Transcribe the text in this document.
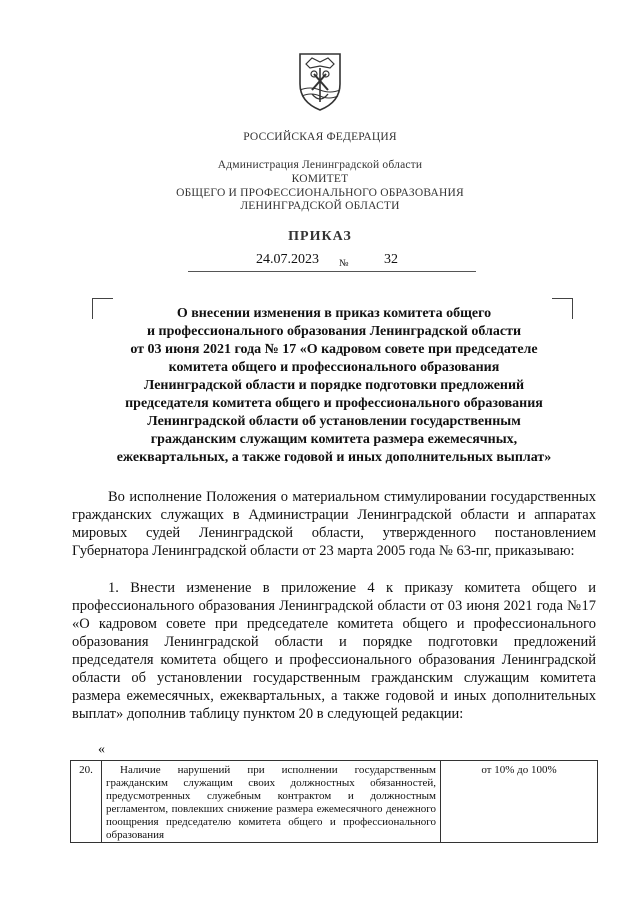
РОССИЙСКАЯ ФЕДЕРАЦИЯ
Администрация Ленинградской области
КОМИТЕТ
ОБЩЕГО И ПРОФЕССИОНАЛЬНОГО ОБРАЗОВАНИЯ
ЛЕНИНГРАДСКОЙ ОБЛАСТИ
ПРИКАЗ
24.07.2023 №	32
О внесении изменения в приказ комитета общего
и профессионального образования Ленинградской области
от 03 июня 2021 года № 17 «О кадровом совете при председателе
комитета общего и профессионального образования
Ленинградской области и порядке подготовки предложений
председателя комитета общего и профессионального образования
Ленинградской области об установлении государственным
гражданским служащим комитета размера ежемесячных,
ежеквартальных, а также годовой и иных дополнительных выплат»
Во исполнение Положения о материальном стимулировании государственных гражданских служащих в Администрации Ленинградской области и аппаратах мировых судей Ленинградской области, утвержденного постановлением Губернатора Ленинградской области от 23 марта 2005 года № 63-пг, приказываю:
1. Внести изменение в приложение 4 к приказу комитета общего и профессионального образования Ленинградской области от 03 июня 2021 года №17 «О кадровом совете при председателе комитета общего и профессионального образования Ленинградской области и порядке подготовки предложений председателя комитета общего и профессионального образования Ленинградской области об установлении государственным гражданским служащим комитета размера ежемесячных, ежеквартальных, а также годовой и иных дополнительных выплат» дополнив таблицу пунктом 20 в следующей редакции:
«
20.	Наличие нарушений при исполнении государственным гражданским служащим своих должностных обязанностей, предусмотренных служебным контрактом и должностным регламентом, повлекших снижение размера ежемесячного денежного поощрения председателю комитета общего и профессионального образования	от 10% до 100%
